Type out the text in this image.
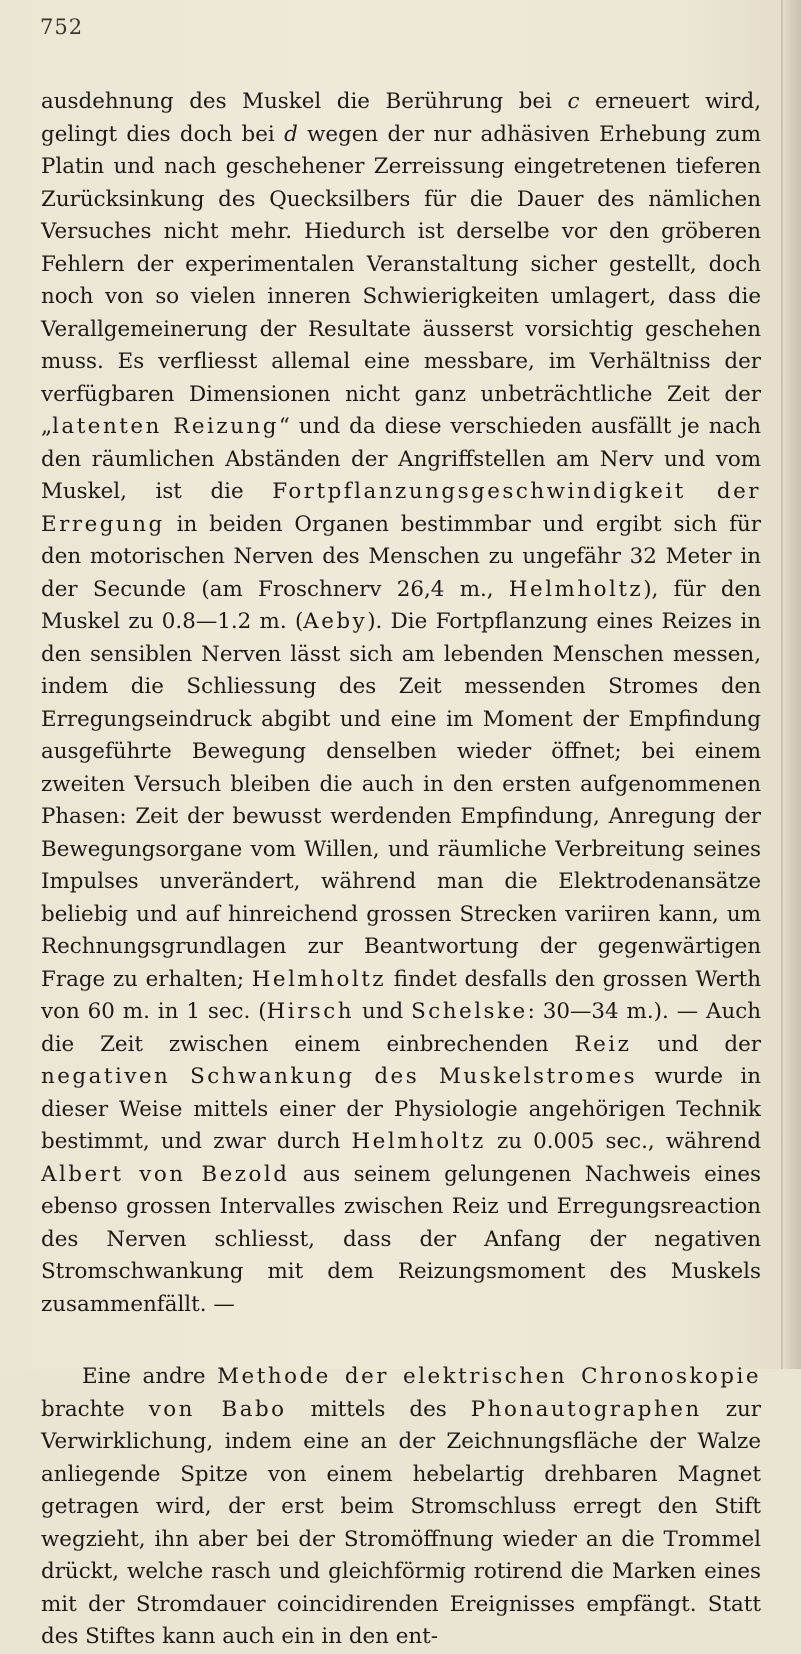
752

ausdehnung des Muskel die Berührung bei c erneuert wird, gelingt dies doch bei d wegen der nur adhäsiven Erhebung zum Platin und nach geschehener Zerreissung eingetretenen tieferen Zurücksinkung des Quecksilbers für die Dauer des nämlichen Versuches nicht mehr. Hiedurch ist derselbe vor den gröberen Fehlern der experimentalen Veranstaltung sicher gestellt, doch noch von so vielen inneren Schwierigkeiten umlagert, dass die Verallgemeinerung der Resultate äusserst vorsichtig geschehen muss. Es verfliesst allemal eine messbare, im Verhältniss der verfügbaren Dimensionen nicht ganz unbeträchtliche Zeit der „latenten Reizung“ und da diese verschieden ausfällt je nach den räumlichen Abständen der Angriffstellen am Nerv und vom Muskel, ist die Fortpflanzungsgeschwindigkeit der Erregung in beiden Organen bestimmbar und ergibt sich für den motorischen Nerven des Menschen zu ungefähr 32 Meter in der Secunde (am Froschnerv 26,4 m., Helmholtz), für den Muskel zu 0.8—1.2 m. (Aeby). Die Fortpflanzung eines Reizes in den sensiblen Nerven lässt sich am lebenden Menschen messen, indem die Schliessung des Zeit messenden Stromes den Erregungseindruck abgibt und eine im Moment der Empfindung ausgeführte Bewegung denselben wieder öffnet; bei einem zweiten Versuch bleiben die auch in den ersten aufgenommenen Phasen: Zeit der bewusst werdenden Empfindung, Anregung der Bewegungsorgane vom Willen, und räumliche Verbreitung seines Impulses unverändert, während man die Elektrodenansätze beliebig und auf hinreichend grossen Strecken variiren kann, um Rechnungsgrundlagen zur Beantwortung der gegenwärtigen Frage zu erhalten; Helmholtz findet desfalls den grossen Werth von 60 m. in 1 sec. (Hirsch und Schelske: 30—34 m.). — Auch die Zeit zwischen einem einbrechenden Reiz und der negativen Schwankung des Muskelstromes wurde in dieser Weise mittels einer der Physiologie angehörigen Technik bestimmt, und zwar durch Helmholtz zu 0.005 sec., während Albert von Bezold aus seinem gelungenen Nachweis eines ebenso grossen Intervalles zwischen Reiz und Erregungsreaction des Nerven schliesst, dass der Anfang der negativen Stromschwankung mit dem Reizungsmoment des Muskels zusammenfällt. —

Eine andre Methode der elektrischen Chronoskopie brachte von Babo mittels des Phonautographen zur Verwirklichung, indem eine an der Zeichnungsfläche der Walze anliegende Spitze von einem hebelartig drehbaren Magnet getragen wird, der erst beim Stromschluss erregt den Stift wegzieht, ihn aber bei der Stromöffnung wieder an die Trommel drückt, welche rasch und gleichförmig rotirend die Marken eines mit der Stromdauer coincidirenden Ereignisses empfängt. Statt des Stiftes kann auch ein in den ent-
